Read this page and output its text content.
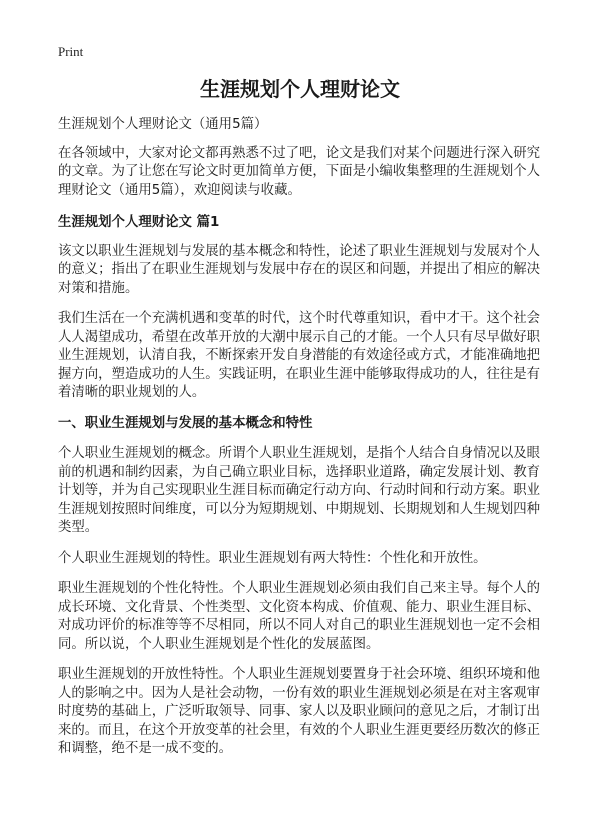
Print
生涯规划个人理财论文

生涯规划个人理财论文（通用5篇）

在各领域中，大家对论文都再熟悉不过了吧，论文是我们对某个问题进行深入研究的文章。为了让您在写论文时更加简单方便，下面是小编收集整理的生涯规划个人理财论文（通用5篇），欢迎阅读与收藏。

生涯规划个人理财论文 篇1

该文以职业生涯规划与发展的基本概念和特性，论述了职业生涯规划与发展对个人的意义；指出了在职业生涯规划与发展中存在的误区和问题，并提出了相应的解决对策和措施。

我们生活在一个充满机遇和变革的时代，这个时代尊重知识，看中才干。这个社会人人渴望成功，希望在改革开放的大潮中展示自己的才能。一个人只有尽早做好职业生涯规划，认清自我，不断探索开发自身潜能的有效途径或方式，才能准确地把握方向，塑造成功的人生。实践证明，在职业生涯中能够取得成功的人，往往是有着清晰的职业规划的人。

一、职业生涯规划与发展的基本概念和特性

个人职业生涯规划的概念。所谓个人职业生涯规划，是指个人结合自身情况以及眼前的机遇和制约因素，为自己确立职业目标，选择职业道路，确定发展计划、教育计划等，并为自己实现职业生涯目标而确定行动方向、行动时间和行动方案。职业生涯规划按照时间维度，可以分为短期规划、中期规划、长期规划和人生规划四种类型。

个人职业生涯规划的特性。职业生涯规划有两大特性：个性化和开放性。

职业生涯规划的个性化特性。个人职业生涯规划必须由我们自己来主导。每个人的成长环境、文化背景、个性类型、文化资本构成、价值观、能力、职业生涯目标、对成功评价的标准等等不尽相同，所以不同人对自己的职业生涯规划也一定不会相同。所以说，个人职业生涯规划是个性化的发展蓝图。

职业生涯规划的开放性特性。个人职业生涯规划要置身于社会环境、组织环境和他人的影响之中。因为人是社会动物，一份有效的职业生涯规划必须是在对主客观审时度势的基础上，广泛听取领导、同事、家人以及职业顾问的意见之后，才制订出来的。而且，在这个开放变革的社会里，有效的个人职业生涯更要经历数次的修正和调整，绝不是一成不变的。
